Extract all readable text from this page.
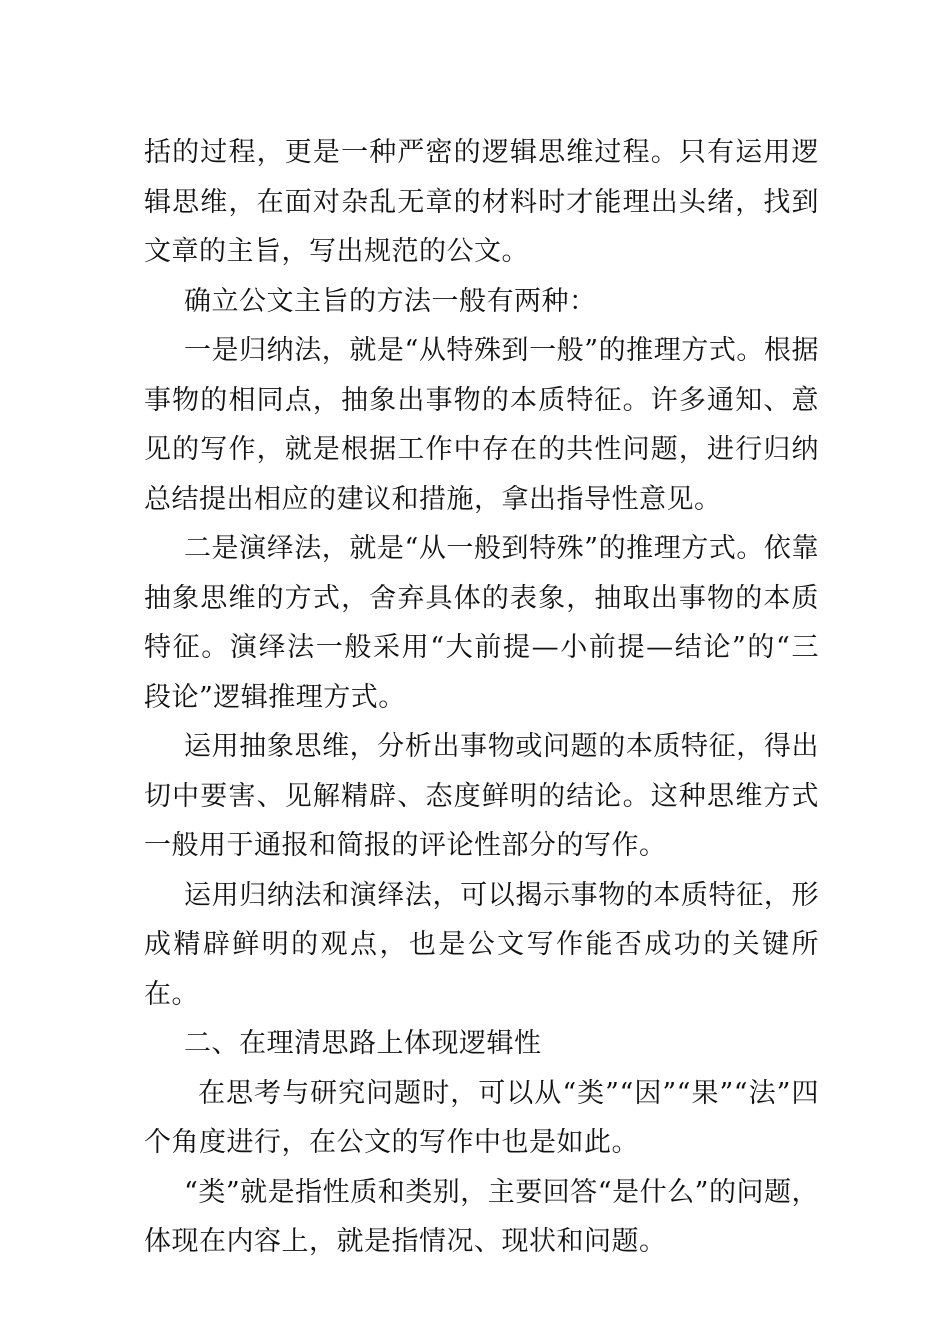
括的过程，更是一种严密的逻辑思维过程。只有运用逻辑思维，在面对杂乱无章的材料时才能理出头绪，找到文章的主旨，写出规范的公文。

确立公文主旨的方法一般有两种：

一是归纳法，就是“从特殊到一般”的推理方式。根据事物的相同点，抽象出事物的本质特征。许多通知、意见的写作，就是根据工作中存在的共性问题，进行归纳总结提出相应的建议和措施，拿出指导性意见。

二是演绎法，就是“从一般到特殊”的推理方式。依靠抽象思维的方式，舍弃具体的表象，抽取出事物的本质特征。演绎法一般采用“大前提—小前提—结论”的“三段论”逻辑推理方式。

运用抽象思维，分析出事物或问题的本质特征，得出切中要害、见解精辟、态度鲜明的结论。这种思维方式一般用于通报和简报的评论性部分的写作。

运用归纳法和演绎法，可以揭示事物的本质特征，形成精辟鲜明的观点，也是公文写作能否成功的关键所在。

二、在理清思路上体现逻辑性

在思考与研究问题时，可以从“类”“因”“果”“法”四个角度进行，在公文的写作中也是如此。

“类”就是指性质和类别，主要回答“是什么”的问题，体现在内容上，就是指情况、现状和问题。
